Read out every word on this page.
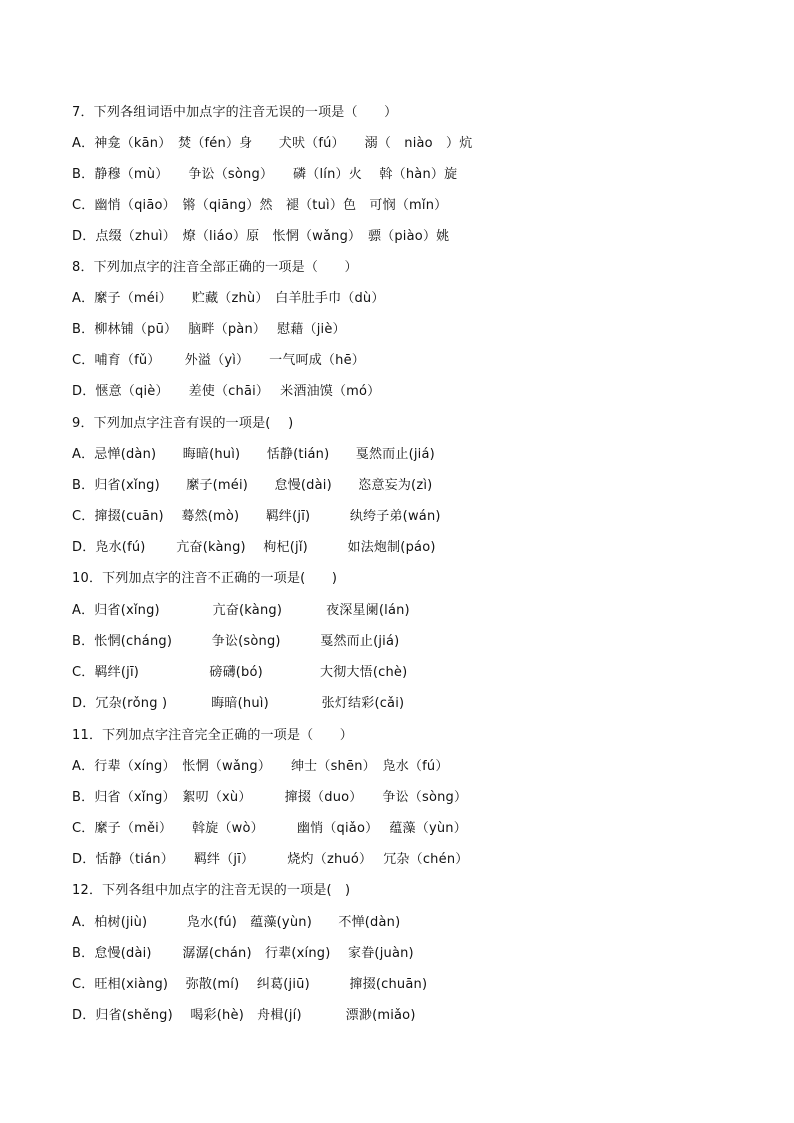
7．下列各组词语中加点字的注音无误的一项是（　　）
A．神龛（kān）　焚（fén）身　　犬吠（fú）　　溺（　niào　）炕
B．静穆（mù）　　争讼（sòng）　　磷（lín）火　 斡（hàn）旋
C．幽悄（qiāo）　锵（qiāng）然　褪（tuì）色　可悯（mǐn）
D．点缀（zhuì）　燎（liáo）原　怅惘（wǎng）　骠（piào）姚
8．下列加点字的注音全部正确的一项是（　　）
A．縻子（méi）　　贮藏（zhù）　白羊肚手巾（dù）
B．柳林铺（pū）　 脑畔（pàn）　 慰藉（jiè）
C．哺育（fǔ）　　 外溢（yì）　　一气呵成（hē）
D．惬意（qiè）　　差使（chāi）　 米酒油馍（mó）
9．下列加点字注音有误的一项是(　 )
A．忌惮(dàn)　　晦暗(huì)　　恬静(tián)　　戛然而止(jiá)
B．归省(xǐng)　　縻子(méi)　　怠慢(dài)　　恣意妄为(zì)
C．撺掇(cuān)　 蓦然(mò)　　羁绊(jī)　　　纨绔子弟(wán)
D．凫水(fú)　　 亢奋(kàng)　 枸杞(jǐ)　　　如法炮制(páo)
10．下列加点字的注音不正确的一项是(　　)
A．归省(xǐng)　　　　亢奋(kàng)　　　 夜深星阑(lán)
B．怅惘(cháng)　　　争讼(sòng)　　　戛然而止(jiá)
C．羁绊(jī)　　　　　 磅礴(bó)　　　　 大彻大悟(chè)
D．冗杂(rǒng )　　　 晦暗(huì)　　　　张灯结彩(cǎi)
11．下列加点字注音完全正确的一项是（　　）
A．行辈（xíng）　怅惘（wǎng）　　绅士（shēn）　凫水（fú）
B．归省（xǐng）　絮叨（xù）　　　撺掇（duo）　　争讼（sòng）
C．縻子（měi）　　斡旋（wò）　　　幽悄（qiǎo）　 蕴藻（yùn）
D．恬静（tián）　　羁绊（jī）　　　烧灼（zhuó）　 冗杂（chén）
12．下列各组中加点字的注音无误的一项是(　)
A．柏树(jiù)　　　凫水(fú)　蕴藻(yùn)　　不惮(dàn)
B．怠慢(dài)　　 潺潺(chán)　行辈(xíng)　 家眷(juàn)
C．旺相(xiàng)　 弥散(mí)　 纠葛(jiū)　　　撺掇(chuān)
D．归省(shěng)　 喝彩(hè)　舟楫(jí)　　　 漂渺(miǎo)
